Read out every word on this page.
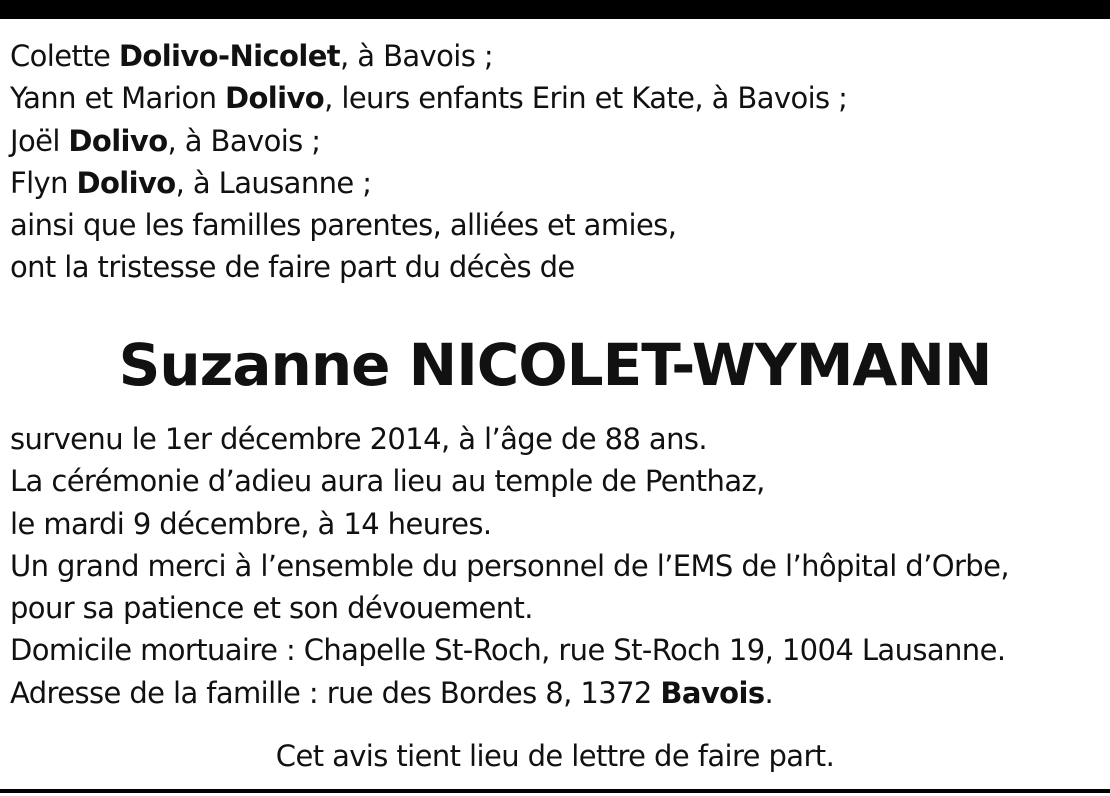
Colette Dolivo-Nicolet, à Bavois ;
Yann et Marion Dolivo, leurs enfants Erin et Kate, à Bavois ;
Joël Dolivo, à Bavois ;
Flyn Dolivo, à Lausanne ;
ainsi que les familles parentes, alliées et amies,
ont la tristesse de faire part du décès de
Suzanne NICOLET-WYMANN
survenu le 1er décembre 2014, à l’âge de 88 ans.
La cérémonie d’adieu aura lieu au temple de Penthaz,
le mardi 9 décembre, à 14 heures.
Un grand merci à l’ensemble du personnel de l’EMS de l’hôpital d’Orbe,
pour sa patience et son dévouement.
Domicile mortuaire : Chapelle St-Roch, rue St-Roch 19, 1004 Lausanne.
Adresse de la famille : rue des Bordes 8, 1372 Bavois.
Cet avis tient lieu de lettre de faire part.
